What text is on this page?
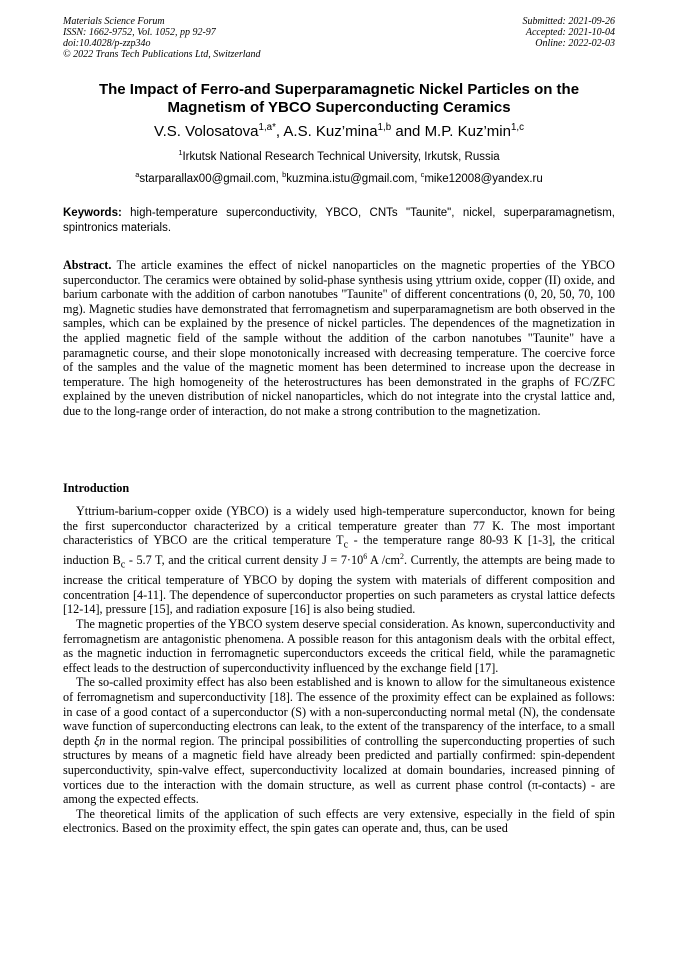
Materials Science Forum
ISSN: 1662-9752, Vol. 1052, pp 92-97
doi:10.4028/p-zzp34o
© 2022 Trans Tech Publications Ltd, Switzerland
Submitted: 2021-09-26
Accepted: 2021-10-04
Online: 2022-02-03
The Impact of Ferro-and Superparamagnetic Nickel Particles on the
Magnetism of YBCO Superconducting Ceramics
V.S. Volosatova$^{1,a*}$, A.S. Kuz’mina$^{1,b}$ and M.P. $Kuz’\min^{1,c}$
$^1$Irkutsk National Research Technical University, Irkutsk, Russia
$^a$starparallax00@gmail.com, $^b$kuzmina.istu@gmail.com, $^c$mike12008@yandex.ru
Keywords: high-temperature superconductivity, YBCO, CNTs "Taunite", nickel, superparamagnetism, spintronics materials.
Abstract. The article examines the effect of nickel nanoparticles on the magnetic properties of the YBCO superconductor. The ceramics were obtained by solid-phase synthesis using yttrium oxide, copper (II) oxide, and barium carbonate with the addition of carbon nanotubes "Taunite" of different concentrations (0, 20, 50, 70, 100 mg). Magnetic studies have demonstrated that ferromagnetism and superparamagnetism are both observed in the samples, which can be explained by the presence of nickel particles. The dependences of the magnetization in the applied magnetic field of the sample without the addition of the carbon nanotubes "Taunite" have a paramagnetic course, and their slope monotonically increased with decreasing temperature. The coercive force of the samples and the value of the magnetic moment has been determined to increase upon the decrease in temperature. The high homogeneity of the heterostructures has been demonstrated in the graphs of FC/ZFC explained by the uneven distribution of nickel nanoparticles, which do not integrate into the crystal lattice and, due to the long-range order of interaction, do not make a strong contribution to the magnetization.
Introduction

Yttrium-barium-copper oxide (YBCO) is a widely used high-temperature superconductor, known for being the first superconductor characterized by a critical temperature greater than 77 K. The most important characteristics of YBCO are the critical temperature $T_c$ - the temperature range 80-93 K [1-3], the critical induction $B_c - 5.7$ T, and the critical current density $J = 7\cdot 10^6$ A $/cm^2$. Currently, the attempts are being made to increase the critical temperature of YBCO by doping the system with materials of different composition and concentration [4-11]. The dependence of superconductor properties on such parameters as crystal lattice defects [12-14], pressure [15], and radiation exposure [16] is also being studied.

The magnetic properties of the YBCO system deserve special consideration. As known, superconductivity and ferromagnetism are antagonistic phenomena. A possible reason for this antagonism deals with the orbital effect, as the magnetic induction in ferromagnetic superconductors exceeds the critical field, while the paramagnetic effect leads to the destruction of superconductivity influenced by the exchange field [17].

The so-called proximity effect has also been established and is known to allow for the simultaneous existence of ferromagnetism and superconductivity [18]. The essence of the proximity effect can be explained as follows: in case of a good contact of a superconductor (S) with a non-superconducting normal metal (N), the condensate wave function of superconducting electrons can leak, to the extent of the transparency of the interface, to a small depth ξn in the normal region. The principal possibilities of controlling the superconducting properties of such structures by means of a magnetic field have already been predicted and partially confirmed: spin-dependent superconductivity, spin-valve effect, superconductivity localized at domain boundaries, increased pinning of vortices due to the interaction with the domain structure, as well as current phase control (π-contacts) - are among the expected effects.

The theoretical limits of the application of such effects are very extensive, especially in the field of spin electronics. Based on the proximity effect, the spin gates can operate and, thus, can be used
